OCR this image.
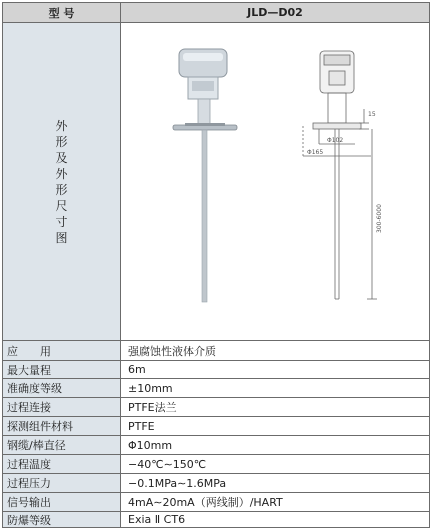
型 号	JLD—D02
外
形
及
外
形
尺
寸
图
Φ165
Φ102
15
300-6000
应　　用	强腐蚀性液体介质
最大量程	6m
准确度等级	±10mm
过程连接	PTFE法兰
探测组件材料	PTFE
钢缆/棒直径	Φ10mm
过程温度	−40℃∼150℃
过程压力	−0.1MPa∼1.6MPa
信号输出	4mA∼20mA（两线制）/HART
防爆等级	Exia Ⅱ CT6
